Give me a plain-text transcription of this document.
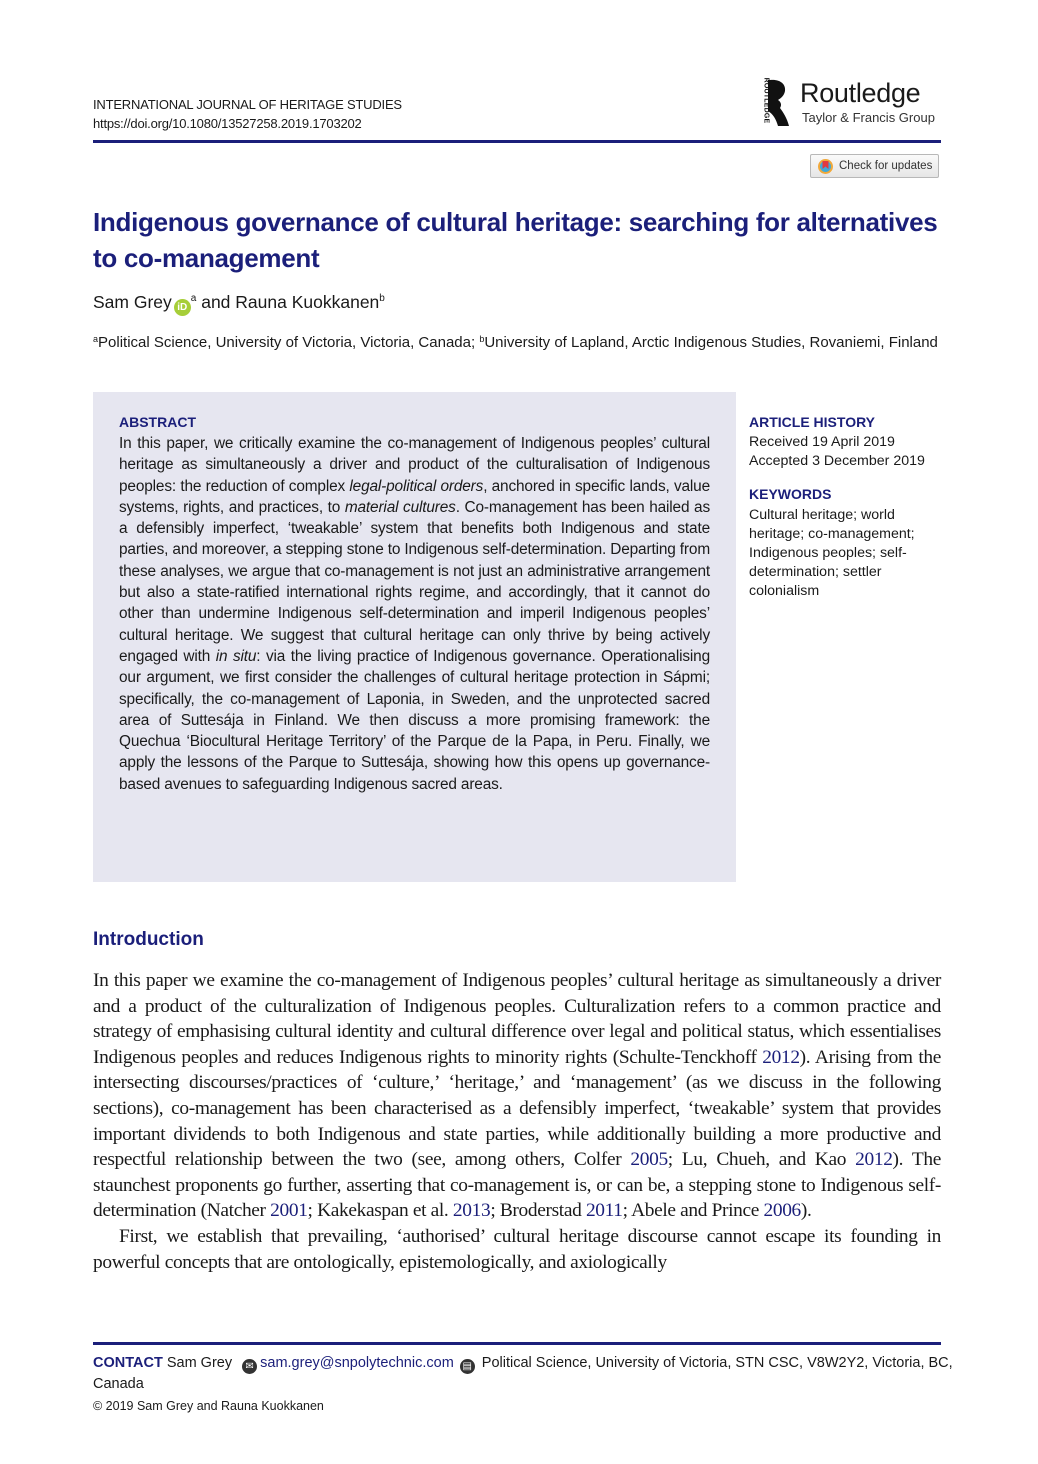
INTERNATIONAL JOURNAL OF HERITAGE STUDIES
https://doi.org/10.1080/13527258.2019.1703202
ROUTLEDGE Routledge
Taylor & Francis Group
Check for updates
Indigenous governance of cultural heritage: searching for alternatives to co-management
Sam Grey $iD^a$ and Rauna Kuokkanen$^b$
$^a$Political Science, University of Victoria, Victoria, Canada; $^b$University of Lapland, Arctic Indigenous Studies, Rovaniemi, Finland
ABSTRACT
In this paper, we critically examine the co-management of Indigenous peoples’ cultural heritage as simultaneously a driver and product of the culturalisation of Indigenous peoples: the reduction of complex legal-political orders, anchored in specific lands, value systems, rights, and practices, to material cultures. Co-management has been hailed as a defensibly imperfect, ‘tweakable’ system that benefits both Indigenous and state parties, and moreover, a stepping stone to Indigenous self-determination. Departing from these analyses, we argue that co-management is not just an administrative arrangement but also a state-ratified international rights regime, and accordingly, that it cannot do other than undermine Indigenous self-determination and imperil Indigenous peoples’ cultural heritage. We suggest that cultural heritage can only thrive by being actively engaged with in situ: via the living practice of Indigenous governance. Operationalising our argument, we first consider the challenges of cultural heritage protection in Sápmi; specifically, the co-management of Laponia, in Sweden, and the unprotected sacred area of Suttesája in Finland. We then discuss a more promising framework: the Quechua ‘Biocultural Heritage Territory’ of the Parque de la Papa, in Peru. Finally, we apply the lessons of the Parque to Suttesája, showing how this opens up governance-based avenues to safeguarding Indigenous sacred areas.
ARTICLE HISTORY
Received 19 April 2019
Accepted 3 December 2019
KEYWORDS
Cultural heritage; world heritage; co-management; Indigenous peoples; self-determination; settler colonialism
Introduction

In this paper we examine the co-management of Indigenous peoples’ cultural heritage as simultaneously a driver and a product of the culturalization of Indigenous peoples. Culturalization refers to a common practice and strategy of emphasising cultural identity and cultural difference over legal and political status, which essentialises Indigenous peoples and reduces Indigenous rights to minority rights (Schulte-Tenckhoff 2012). Arising from the intersecting discourses/practices of ‘culture,’ ‘heritage,’ and ‘management’ (as we discuss in the following sections), co-management has been characterised as a defensibly imperfect, ‘tweakable’ system that provides important dividends to both Indigenous and state parties, while additionally building a more productive and respectful relationship between the two (see, among others, Colfer 2005; Lu, Chueh, and Kao 2012). The staunchest proponents go further, asserting that co-management is, or can be, a stepping stone to Indigenous self-determination (Natcher 2001; Kakekaspan et al. 2013; Broderstad 2011; Abele and Prince 2006).

First, we establish that prevailing, ‘authorised’ cultural heritage discourse cannot escape its founding in powerful concepts that are ontologically, epistemologically, and axiologically

CONTACT Sam Grey ✉ sam.grey@snpolytechnic.com ▤ Political Science, University of Victoria, STN CSC, V8W2Y2, Victoria, BC, Canada
© 2019 Sam Grey and Rauna Kuokkanen
